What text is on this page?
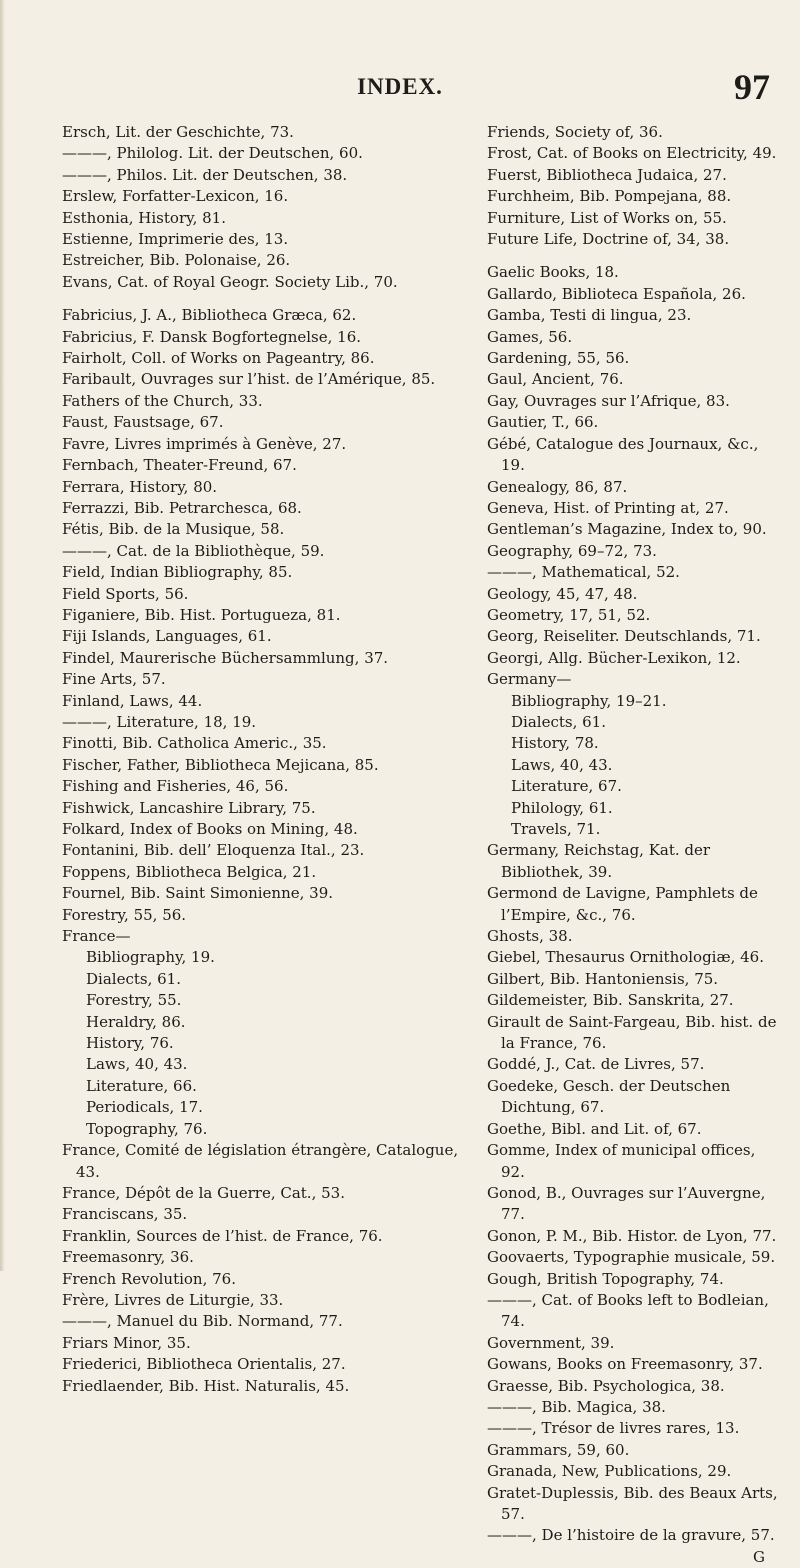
INDEX.	97

Ersch, Lit. der Geschichte, 73.

———, Philolog. Lit. der Deutschen, 60.

———, Philos. Lit. der Deutschen, 38.

Erslew, Forfatter-Lexicon, 16.

Esthonia, History, 81.

Estienne, Imprimerie des, 13.

Estreicher, Bib. Polonaise, 26.

Evans, Cat. of Royal Geogr. Society Lib., 70.

Fabricius, J. A., Bibliotheca Græca, 62.

Fabricius, F. Dansk Bogfortegnelse, 16.

Fairholt, Coll. of Works on Pageantry, 86.

Faribault, Ouvrages sur l’hist. de l’Amérique, 85.

Fathers of the Church, 33.

Faust, Faustsage, 67.

Favre, Livres imprimés à Genève, 27.

Fernbach, Theater-Freund, 67.

Ferrara, History, 80.

Ferrazzi, Bib. Petrarchesca, 68.

Fétis, Bib. de la Musique, 58.

———, Cat. de la Bibliothèque, 59.

Field, Indian Bibliography, 85.

Field Sports, 56.

Figaniere, Bib. Hist. Portugueza, 81.

Fiji Islands, Languages, 61.

Findel, Maurerische Büchersammlung, 37.

Fine Arts, 57.

Finland, Laws, 44.

———, Literature, 18, 19.

Finotti, Bib. Catholica Americ., 35.

Fischer, Father, Bibliotheca Mejicana, 85.

Fishing and Fisheries, 46, 56.

Fishwick, Lancashire Library, 75.

Folkard, Index of Books on Mining, 48.

Fontanini, Bib. dell’ Eloquenza Ital., 23.

Foppens, Bibliotheca Belgica, 21.

Fournel, Bib. Saint Simonienne, 39.

Forestry, 55, 56.

France—

Bibliography, 19.

Dialects, 61.

Forestry, 55.

Heraldry, 86.

History, 76.

Laws, 40, 43.

Literature, 66.

Periodicals, 17.

Topography, 76.

France, Comité de législation étrangère, Catalogue, 43.

France, Dépôt de la Guerre, Cat., 53.

Franciscans, 35.

Franklin, Sources de l’hist. de France, 76.

Freemasonry, 36.

French Revolution, 76.

Frère, Livres de Liturgie, 33.

———, Manuel du Bib. Normand, 77.

Friars Minor, 35.

Friederici, Bibliotheca Orientalis, 27.

Friedlaender, Bib. Hist. Naturalis, 45.

Friends, Society of, 36.

Frost, Cat. of Books on Electricity, 49.

Fuerst, Bibliotheca Judaica, 27.

Furchheim, Bib. Pompejana, 88.

Furniture, List of Works on, 55.

Future Life, Doctrine of, 34, 38.

Gaelic Books, 18.

Gallardo, Biblioteca Española, 26.

Gamba, Testi di lingua, 23.

Games, 56.

Gardening, 55, 56.

Gaul, Ancient, 76.

Gay, Ouvrages sur l’Afrique, 83.

Gautier, T., 66.

Gébé, Catalogue des Journaux, &c., 19.

Genealogy, 86, 87.

Geneva, Hist. of Printing at, 27.

Gentleman’s Magazine, Index to, 90.

Geography, 69–72, 73.

———, Mathematical, 52.

Geology, 45, 47, 48.

Geometry, 17, 51, 52.

Georg, Reiseliter. Deutschlands, 71.

Georgi, Allg. Bücher-Lexikon, 12.

Germany—

Bibliography, 19–21.

Dialects, 61.

History, 78.

Laws, 40, 43.

Literature, 67.

Philology, 61.

Travels, 71.

Germany, Reichstag, Kat. der Bibliothek, 39.

Germond de Lavigne, Pamphlets de l’Empire, &c., 76.

Ghosts, 38.

Giebel, Thesaurus Ornithologiæ, 46.

Gilbert, Bib. Hantoniensis, 75.

Gildemeister, Bib. Sanskrita, 27.

Girault de Saint-Fargeau, Bib. hist. de la France, 76.

Goddé, J., Cat. de Livres, 57.

Goedeke, Gesch. der Deutschen Dichtung, 67.

Goethe, Bibl. and Lit. of, 67.

Gomme, Index of municipal offices, 92.

Gonod, B., Ouvrages sur l’Auvergne, 77.

Gonon, P. M., Bib. Histor. de Lyon, 77.

Goovaerts, Typographie musicale, 59.

Gough, British Topography, 74.

———, Cat. of Books left to Bodleian, 74.

Government, 39.

Gowans, Books on Freemasonry, 37.

Graesse, Bib. Psychologica, 38.

———, Bib. Magica, 38.

———, Trésor de livres rares, 13.

Grammars, 59, 60.

Granada, New, Publications, 29.

Gratet-Duplessis, Bib. des Beaux Arts, 57.

———, De l’histoire de la gravure, 57.

G
